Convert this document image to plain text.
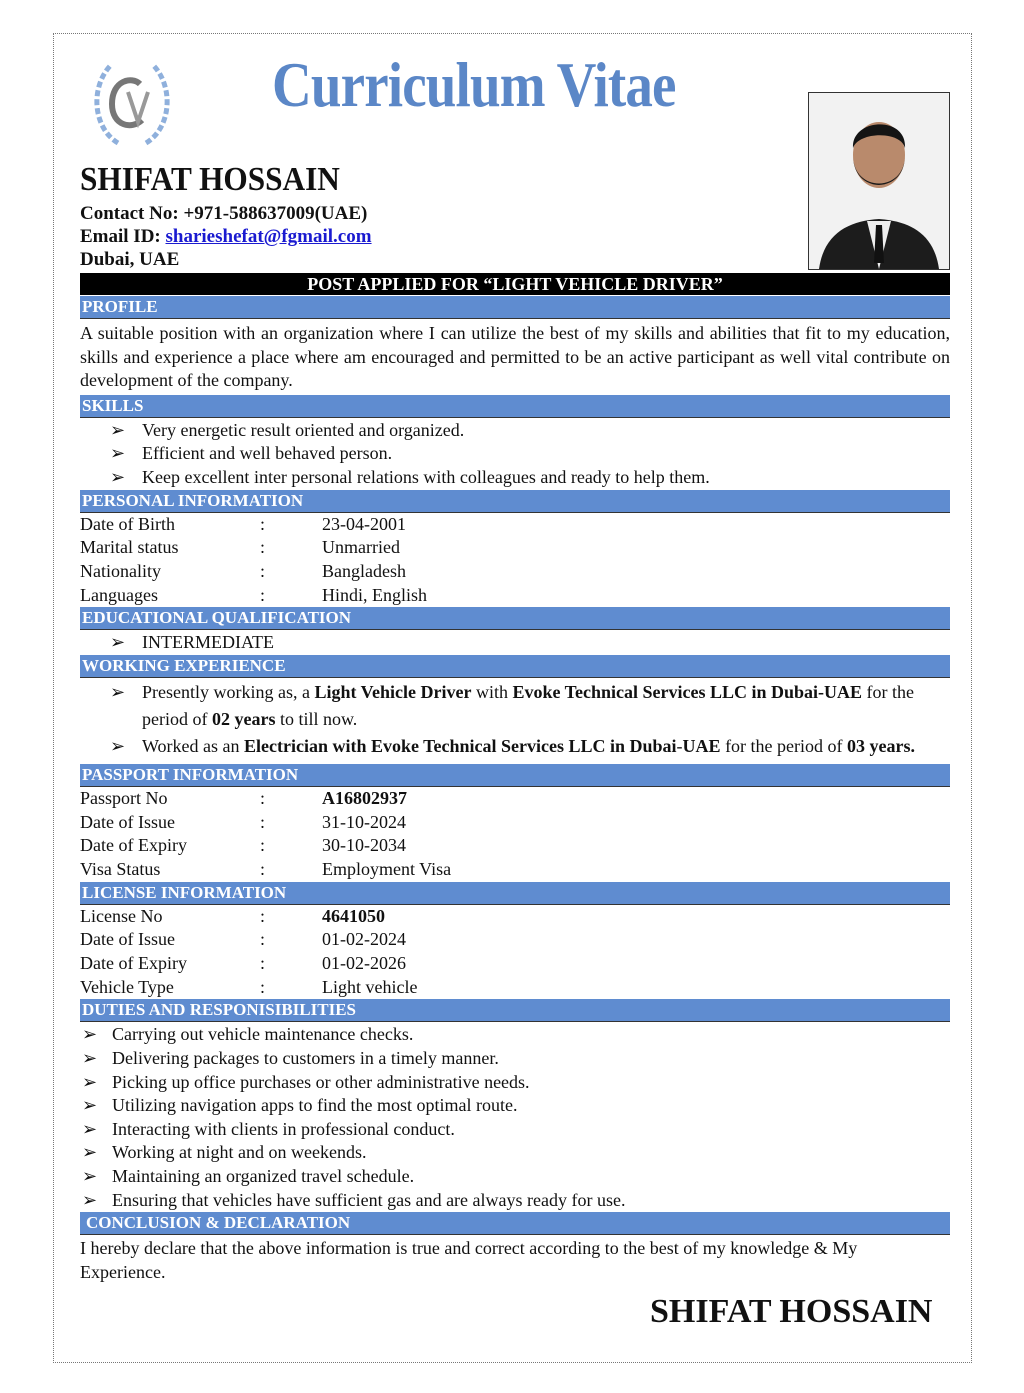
Curriculum Vitae
SHIFAT HOSSAIN
Contact No: +971-588637009(UAE)
Email ID: sharieshefat@fgmail.com
Dubai, UAE
POST APPLIED FOR “LIGHT VEHICLE DRIVER”
PROFILE
A suitable position with an organization where I can utilize the best of my skills and abilities that fit to my education, skills and experience a place where am encouraged and permitted to be an active participant as well vital contribute on development of the company.
SKILLS
➢ Very energetic result oriented and organized.
➢ Efficient and well behaved person.
➢ Keep excellent inter personal relations with colleagues and ready to help them.
PERSONAL INFORMATION
Date of Birth	:	23-04-2001
Marital status	:	Unmarried
Nationality	:	Bangladesh
Languages	:	Hindi, English
EDUCATIONAL QUALIFICATION
➢ INTERMEDIATE
WORKING EXPERIENCE
➢ Presently working as, a Light Vehicle Driver with Evoke Technical Services LLC in Dubai-UAE for the period of 02 years to till now.
➢ Worked as an Electrician with Evoke Technical Services LLC in Dubai-UAE for the period of 03 years.
PASSPORT INFORMATION
Passport No	:	A16802937
Date of Issue	:	31-10-2024
Date of Expiry	:	30-10-2034
Visa Status	:	Employment Visa
LICENSE INFORMATION
License No	:	4641050
Date of Issue	:	01-02-2024
Date of Expiry	:	01-02-2026
Vehicle Type	:	Light vehicle
DUTIES AND RESPONISIBILITIES
➢ Carrying out vehicle maintenance checks.
➢ Delivering packages to customers in a timely manner.
➢ Picking up office purchases or other administrative needs.
➢ Utilizing navigation apps to find the most optimal route.
➢ Interacting with clients in professional conduct.
➢ Working at night and on weekends.
➢ Maintaining an organized travel schedule.
➢ Ensuring that vehicles have sufficient gas and are always ready for use.
CONCLUSION & DECLARATION
I hereby declare that the above information is true and correct according to the best of my knowledge & My Experience.
SHIFAT HOSSAIN
